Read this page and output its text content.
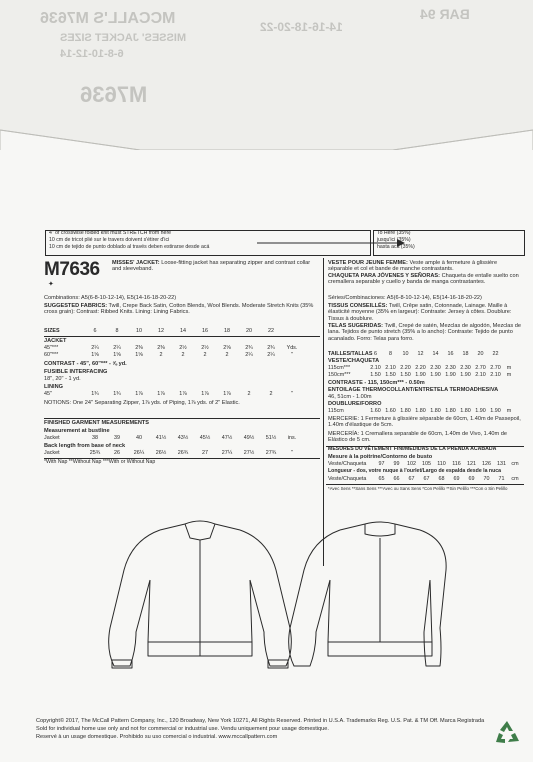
MCCALL'S M7636
MISSES' JACKET SIZES
6-8-10-12-14
14-16-18-20-22
BAR 94
M7636
4" of crosswise folded knit must STRETCH from here
10 cm de tricot plié sur le travers doivent s'étirer d'ici
10 cm de tejido de punto doblado al través deben estirarse desde acá
To Here (35%)
jusqu'ici (35%)
hasta acá (35%)
M7636
✦
MISSES' JACKET: Loose-fitting jacket has separating zipper and contrast collar and sleeveband.
VESTE POUR JEUNE FEMME: Veste ample à fermeture à glissière séparable et col et bande de manche contrastants.
CHAQUETA PARA JÓVENES Y SEÑORAS: Chaqueta de entalle suelto con cremallera separable y cuello y banda de manga contrastantes.
Combinations: A5(6-8-10-12-14), E5(14-16-18-20-22)
SUGGESTED FABRICS: Twill, Crepe Back Satin, Cotton Blends, Wool Blends. Moderate Stretch Knits (35% cross grain): Contrast: Ribbed Knits. Lining: Lining Fabrics.
SIZES	6	8	10	12	14	16	18	20	22
JACKET
45"***	2¼	2¼	2⅜	2⅜	2½	2½	2⅝	2¾	2¾	Yds.
60"***	1⅝	1⅝	1⅝	2	2	2	2	2¼	2¼	"
CONTRAST - 45", 60"*** - ⅝ yd.
FUSIBLE INTERFACING
18", 20" - 1 yd.
LINING
45"	1¾	1¾	1⅞	1⅞	1⅞	1⅞	1⅞	2	2	"
NOTIONS: One 24" Separating Zipper, 1⅞ yds. of Piping, 1⅞ yds. of 2" Elastic.
FINISHED GARMENT MEASUREMENTS
Measurement at bustline
Jacket	38	39	40	41½	43½	45½	47½	49½	51½	ins.
Back length from base of neck
Jacket	25¾	26	26¼	26½	26¾	27	27¼	27½	27¾	"
*With Nap **Without Nap ***With or Without Nap
Séries/Combinaciones: A5(6-8-10-12-14), E5(14-16-18-20-22)
TISSUS CONSEILLÉS: Twill, Crêpe satin, Cotonnade, Lainage. Maille à élasticité moyenne (35% en largeur): Contraste: Jersey à côtes. Doublure: Tissus à doublure.
TELAS SUGERIDAS: Twill, Crepé de satén, Mezclas de algodón, Mezclas de lana. Tejidos de punto stretch (35% a lo ancho): Contraste: Tejido de punto acanalado. Forro: Telas para forro.
TAILLES/TALLAS 6	8	10	12	14	16	18	20	22
VESTE/CHAQUETA
115cm***	2.10 2.10 2.20 2.20 2.30 2.30 2.30 2.70 2.70	m
150cm***	1.50 1.50 1.50 1.90 1.90 1.90 1.90 2.10 2.10	m
CONTRASTE - 115, 150cm*** - 0.50m
ENTOILAGE THERMOCOLLANT/ENTRETELA TERMOADHESIVA
46, 51cm - 1.00m
DOUBLURE/FORRO
115cm	1.60 1.60 1.80 1.80 1.80 1.80 1.80 1.90 1.90	m
MERCERIE: 1 Fermeture à glissière séparable de 60cm, 1.40m de Passepoil, 1.40m d'élastique de 5cm.
MERCERÍA: 1 Cremallera separable de 60cm, 1.40m de Vivo, 1.40m de Elástico de 5 cm.
MESURES DU VÊTEMENT FINI/MEDIDAS DE LA PRENDA ACABADA
Mesure à la poitrine/Contorno de busto
Veste/Chaqueta	97	99	102	105	110	116	121	126	131	cm
Longueur - dos, votre nuque à l'ourlet/Largo de espalda desde la nuca
Veste/Chaqueta	65	66	67	67	68	69	69	70	71	cm
*Avec Sens **Sans Sens ***Avec ou Sans Sens *Con Pelillo **Sin Pelillo ***Con o Sin Pelillo
Copyright© 2017, The McCall Pattern Company, Inc., 120 Broadway, New York 10271, All Rights Reserved. Printed in U.S.A. Trademarks Reg. U.S. Pat. & TM Off. Marca Registrada
Sold for individual home use only and not for commercial or industrial use. Vendu uniquement pour usage domestique.
Reservé à un usage domestique. Prohibido su uso comercial o industrial. www.mccallpattern.com
